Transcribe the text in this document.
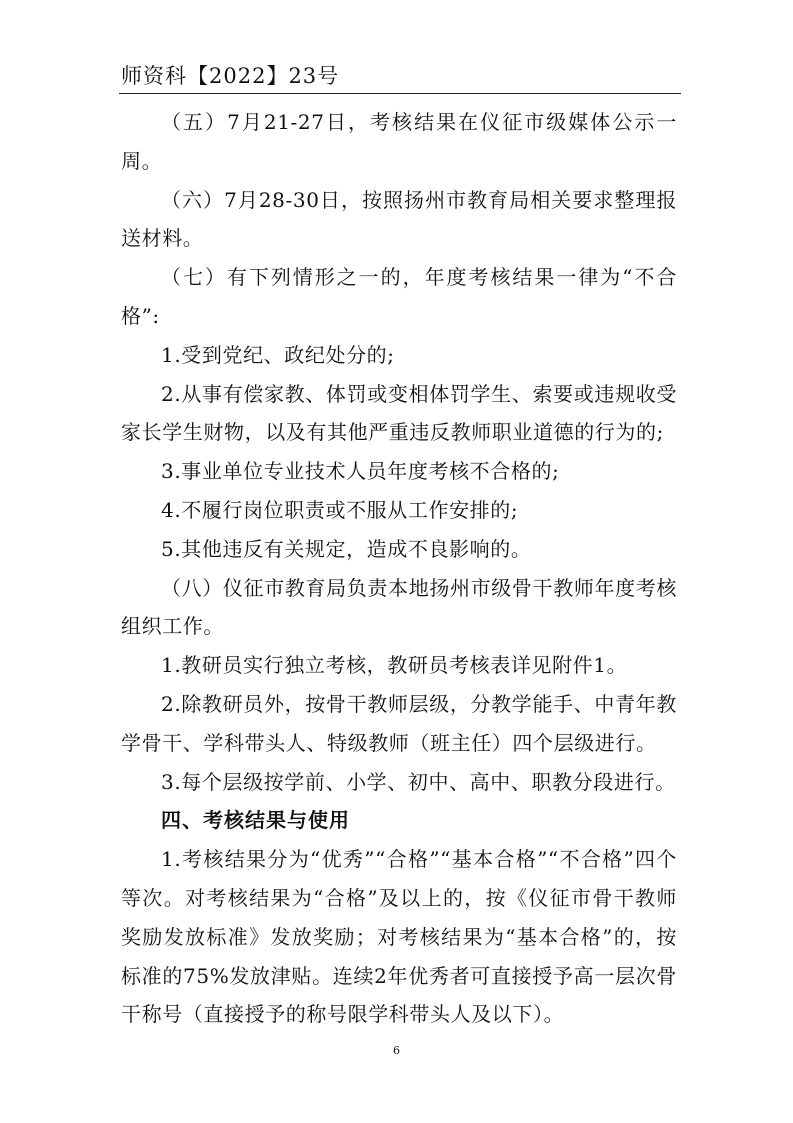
师资科【2022】23号

（五）7月21-27日，考核结果在仪征市级媒体公示一周。

（六）7月28-30日，按照扬州市教育局相关要求整理报送材料。

（七）有下列情形之一的，年度考核结果一律为“不合格”:

1.受到党纪、政纪处分的;

2.从事有偿家教、体罚或变相体罚学生、索要或违规收受家长学生财物，以及有其他严重违反教师职业道德的行为的;

3.事业单位专业技术人员年度考核不合格的;

4.不履行岗位职责或不服从工作安排的;

5.其他违反有关规定，造成不良影响的。

（八）仪征市教育局负责本地扬州市级骨干教师年度考核组织工作。

1.教研员实行独立考核，教研员考核表详见附件1。

2.除教研员外，按骨干教师层级，分教学能手、中青年教学骨干、学科带头人、特级教师（班主任）四个层级进行。

3.每个层级按学前、小学、初中、高中、职教分段进行。

四、考核结果与使用

1.考核结果分为“优秀”“合格”“基本合格”“不合格”四个等次。对考核结果为“合格”及以上的，按《仪征市骨干教师奖励发放标准》发放奖励；对考核结果为“基本合格”的，按标准的75%发放津贴。连续2年优秀者可直接授予高一层次骨干称号（直接授予的称号限学科带头人及以下）。

6
